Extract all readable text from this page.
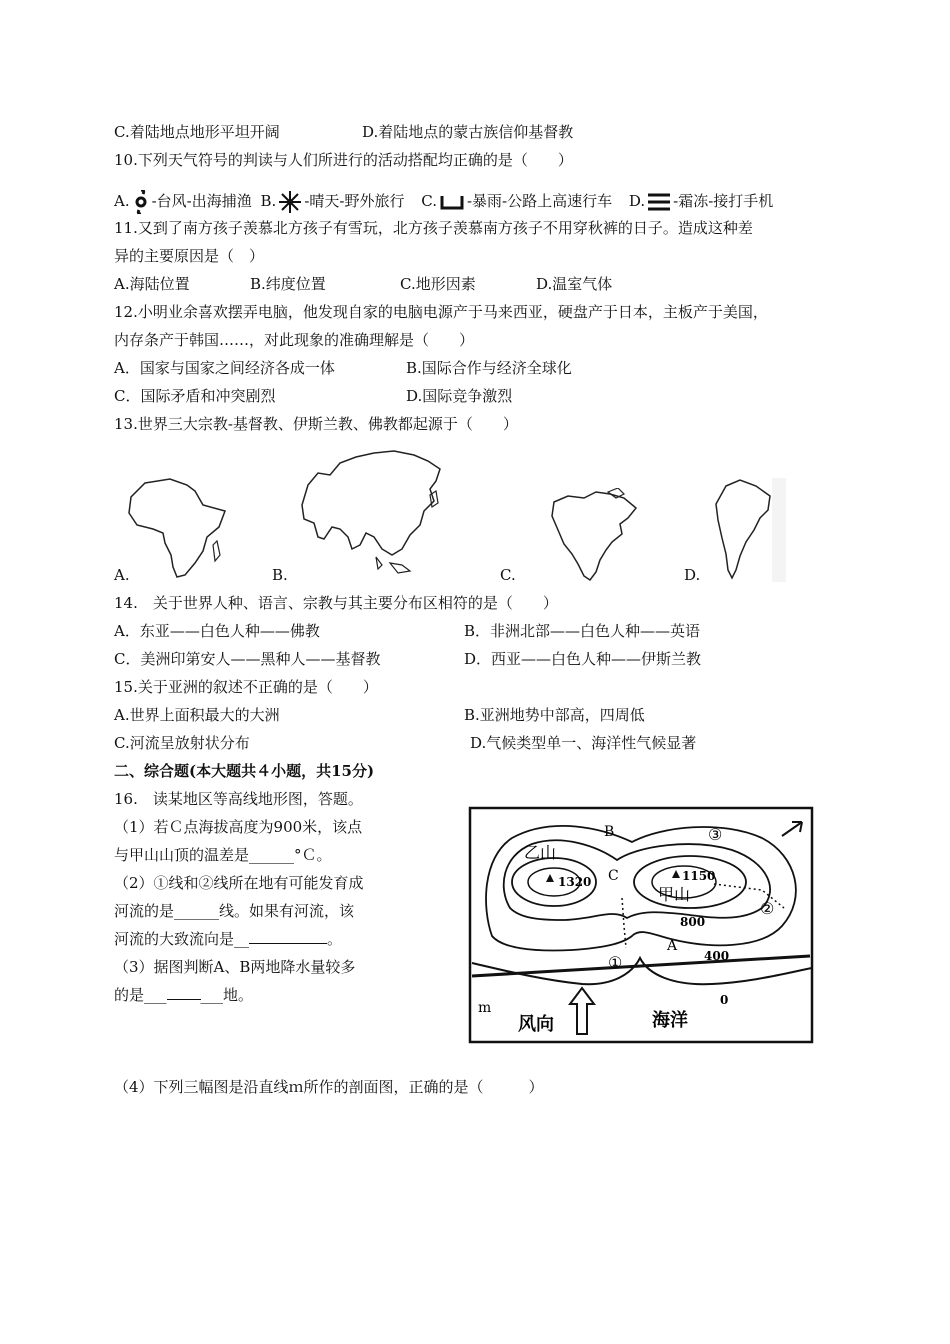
C.着陆地点地形平坦开阔	D.着陆地点的蒙古族信仰基督教
10.下列天气符号的判读与人们所进行的活动搭配均正确的是（　　）
A. -台风-出海捕渔 B. -晴天-野外旅行 C. -暴雨-公路上高速行车 D. -霜冻-接打手机
11.又到了南方孩子羡慕北方孩子有雪玩，北方孩子羡慕南方孩子不用穿秋裤的日子。造成这种差
异的主要原因是（　）
A.海陆位置	B.纬度位置	C.地形因素	D.温室气体
12.小明业余喜欢摆弄电脑，他发现自家的电脑电源产于马来西亚，硬盘产于日本，主板产于美国，
内存条产于韩国……，对此现象的准确理解是（　　）
A．国家与国家之间经济各成一体	B.国际合作与经济全球化
C．国际矛盾和冲突剧烈	D.国际竞争激烈
13.世界三大宗教-基督教、伊斯兰教、佛教都起源于（　　）
A.	B.	C.	D.
14.　关于世界人种、语言、宗教与其主要分布区相符的是（　　）
A．东亚——白色人种——佛教	B．非洲北部——白色人种——英语
C．美洲印第安人——黑种人——基督教	D．西亚——白色人种——伊斯兰教
15.关于亚洲的叙述不正确的是（　　）
A.世界上面积最大的大洲	B.亚洲地势中部高，四周低
C.河流呈放射状分布	D.气候类型单一、海洋性气候显著
二、综合题(本大题共４小题，共15分)
16.　读某地区等高线地形图，答题。
（1）若Ｃ点海拔高度为900米，该点
与甲山山顶的温差是______°Ｃ。
（2）①线和②线所在地有可能发育成
河流的是______线。如果有河流，该
河流的大致流向是__	。
（3）据图判断A、B两地降水量较多
的是___ ___地。
B
C
A
m
乙山
甲山
1320	1150
800
400
0
①
②
③
风向	海洋
（4）下列三幅图是沿直线ｍ所作的剖面图，正确的是（　　　）
